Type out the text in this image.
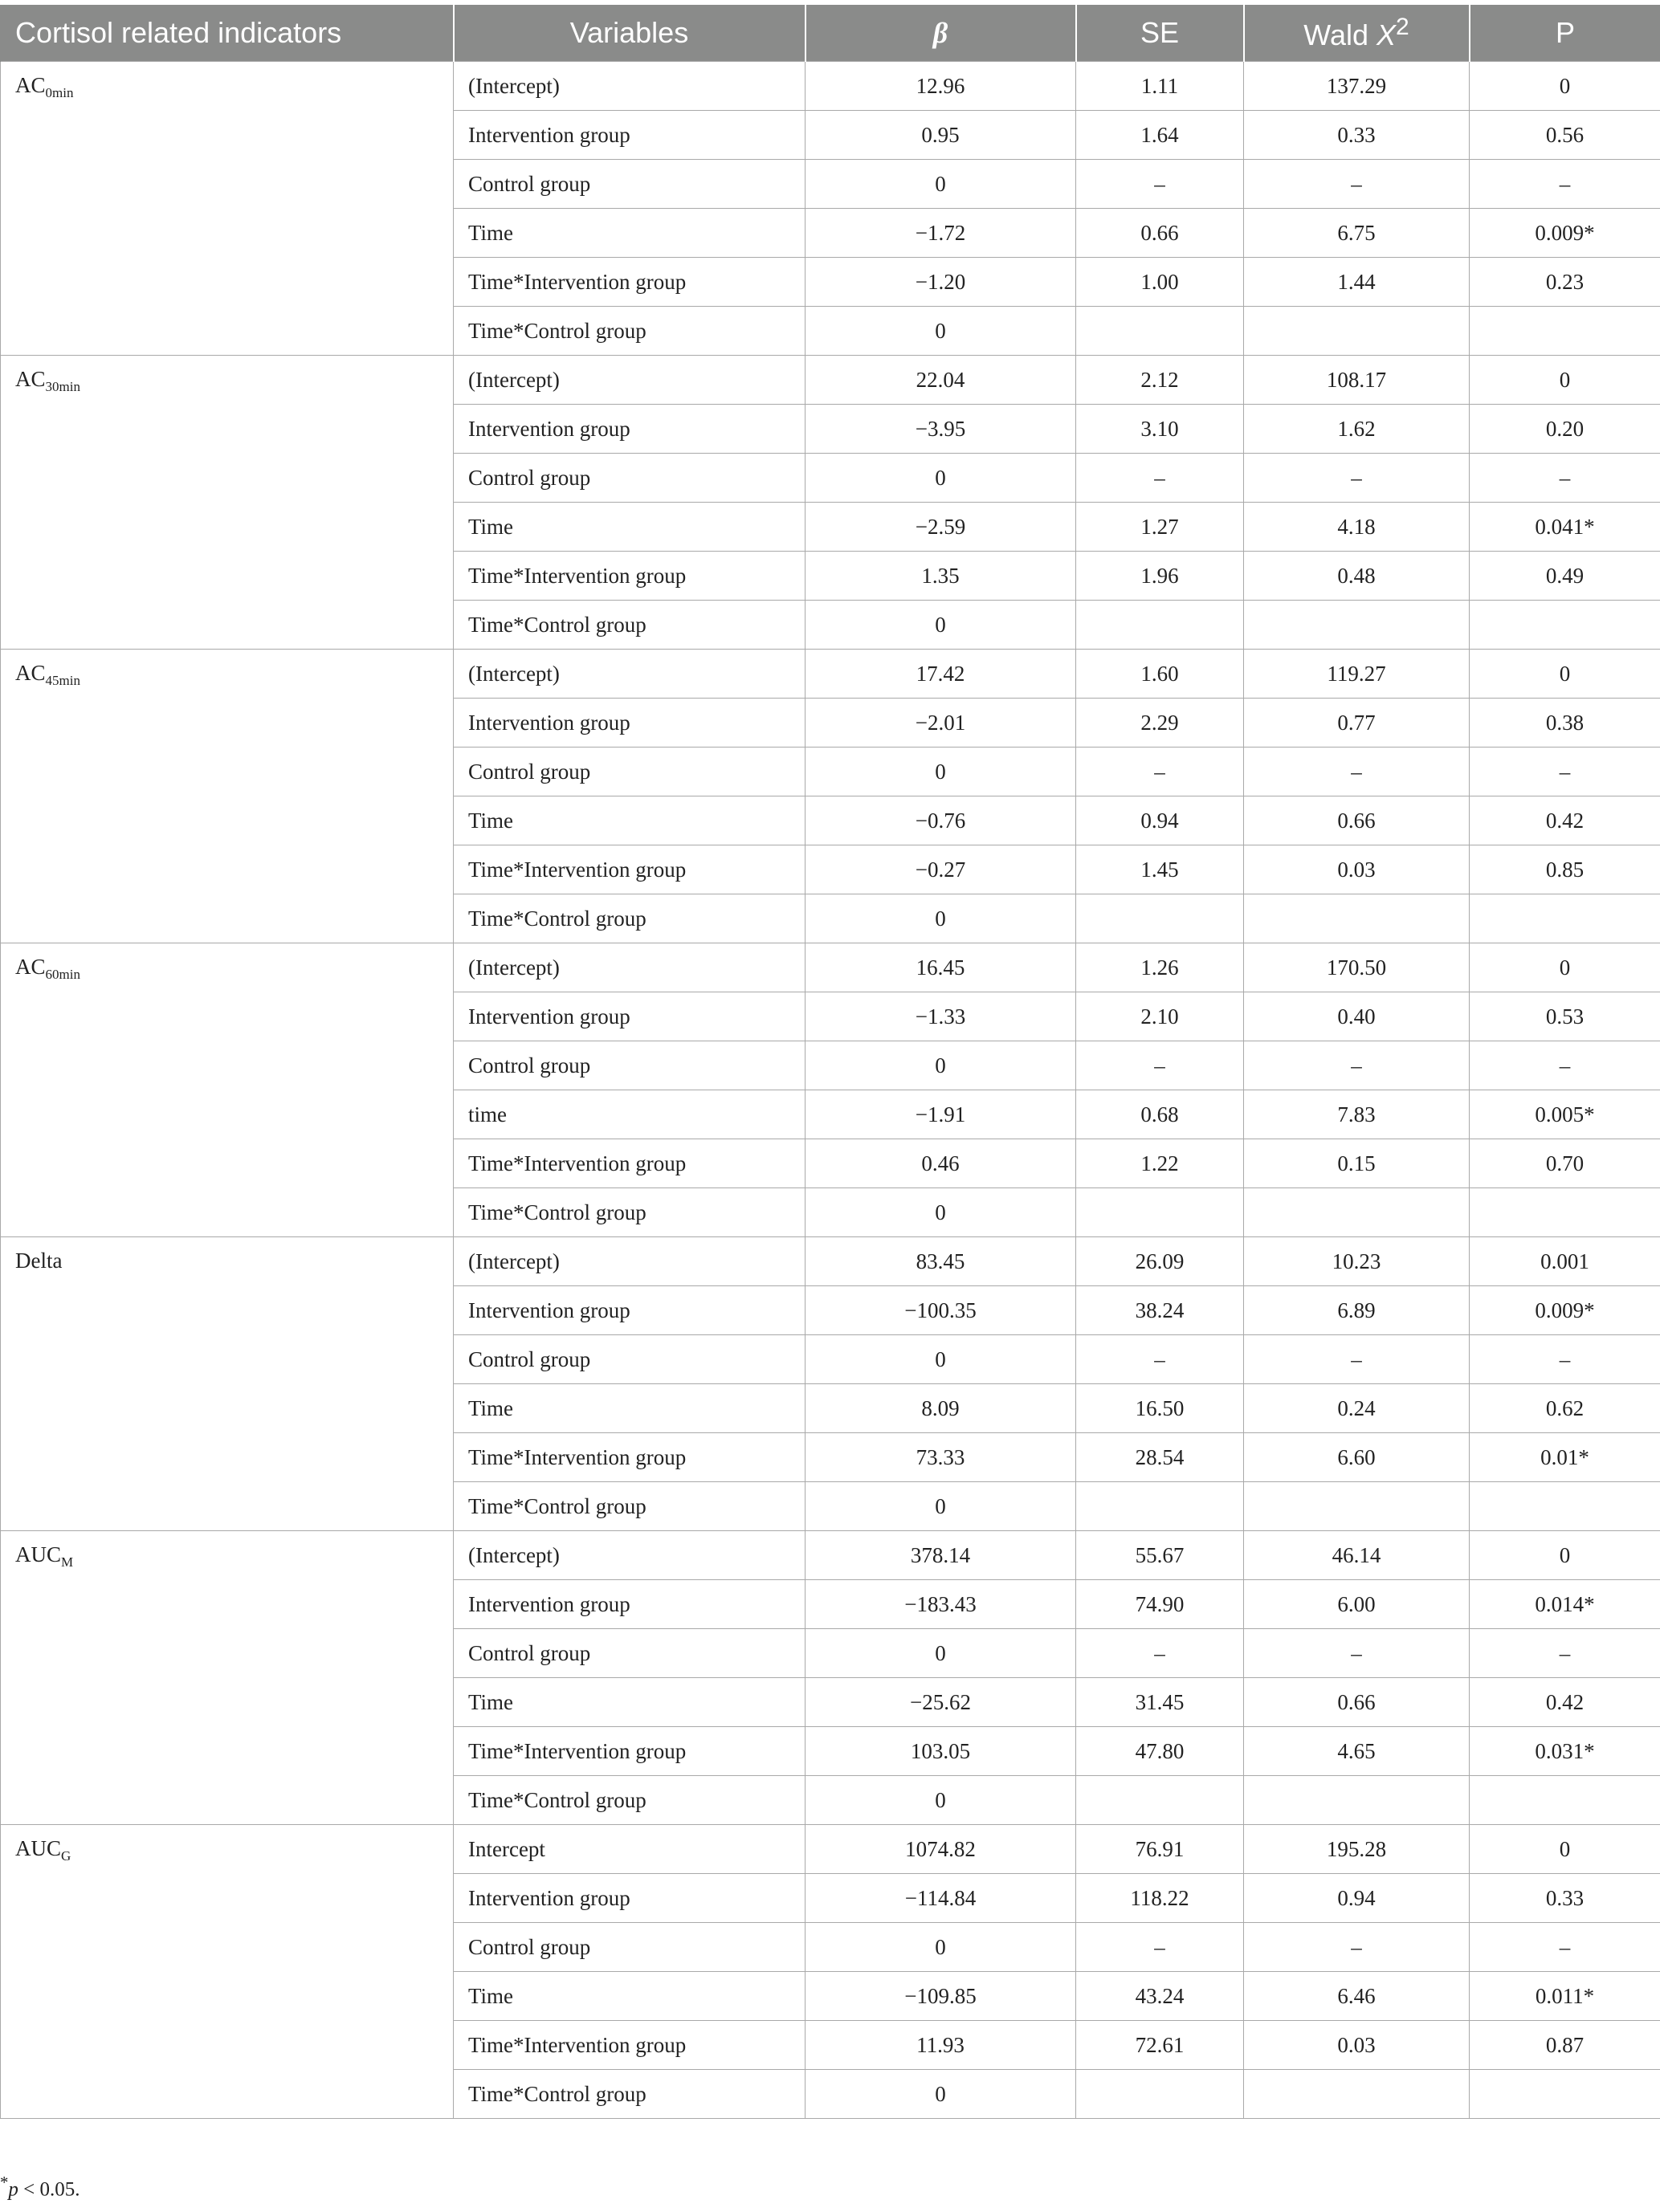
Cortisol related indicators	Variables	β	SE	Wald $X^2$	P
$AC_{0min}$	(Intercept)	12.96	1.11	137.29	0
	Intervention group	0.95	1.64	0.33	0.56
	Control group	0	–	–	–
	Time	−1.72	0.66	6.75	0.009*
	Time*Intervention group	−1.20	1.00	1.44	0.23
	Time*Control group	0			
$AC_{30min}$	(Intercept)	22.04	2.12	108.17	0
	Intervention group	−3.95	3.10	1.62	0.20
	Control group	0	–	–	–
	Time	−2.59	1.27	4.18	0.041*
	Time*Intervention group	1.35	1.96	0.48	0.49
	Time*Control group	0			
$AC_{45min}$	(Intercept)	17.42	1.60	119.27	0
	Intervention group	−2.01	2.29	0.77	0.38
	Control group	0	–	–	–
	Time	−0.76	0.94	0.66	0.42
	Time*Intervention group	−0.27	1.45	0.03	0.85
	Time*Control group	0			
$AC_{60min}$	(Intercept)	16.45	1.26	170.50	0
	Intervention group	−1.33	2.10	0.40	0.53
	Control group	0	–	–	–
	time	−1.91	0.68	7.83	0.005*
	Time*Intervention group	0.46	1.22	0.15	0.70
	Time*Control group	0			
Delta	(Intercept)	83.45	26.09	10.23	0.001
	Intervention group	−100.35	38.24	6.89	0.009*
	Control group	0	–	–	–
	Time	8.09	16.50	0.24	0.62
	Time*Intervention group	73.33	28.54	6.60	0.01*
	Time*Control group	0			
$AUC_M$	(Intercept)	378.14	55.67	46.14	0
	Intervention group	−183.43	74.90	6.00	0.014*
	Control group	0	–	–	–
	Time	−25.62	31.45	0.66	0.42
	Time*Intervention group	103.05	47.80	4.65	0.031*
	Time*Control group	0			
$AUC_G$	Intercept	1074.82	76.91	195.28	0
	Intervention group	−114.84	118.22	0.94	0.33
	Control group	0	–	–	–
	Time	−109.85	43.24	6.46	0.011*
	Time*Intervention group	11.93	72.61	0.03	0.87
	Time*Control group	0			
*p < 0.05.
